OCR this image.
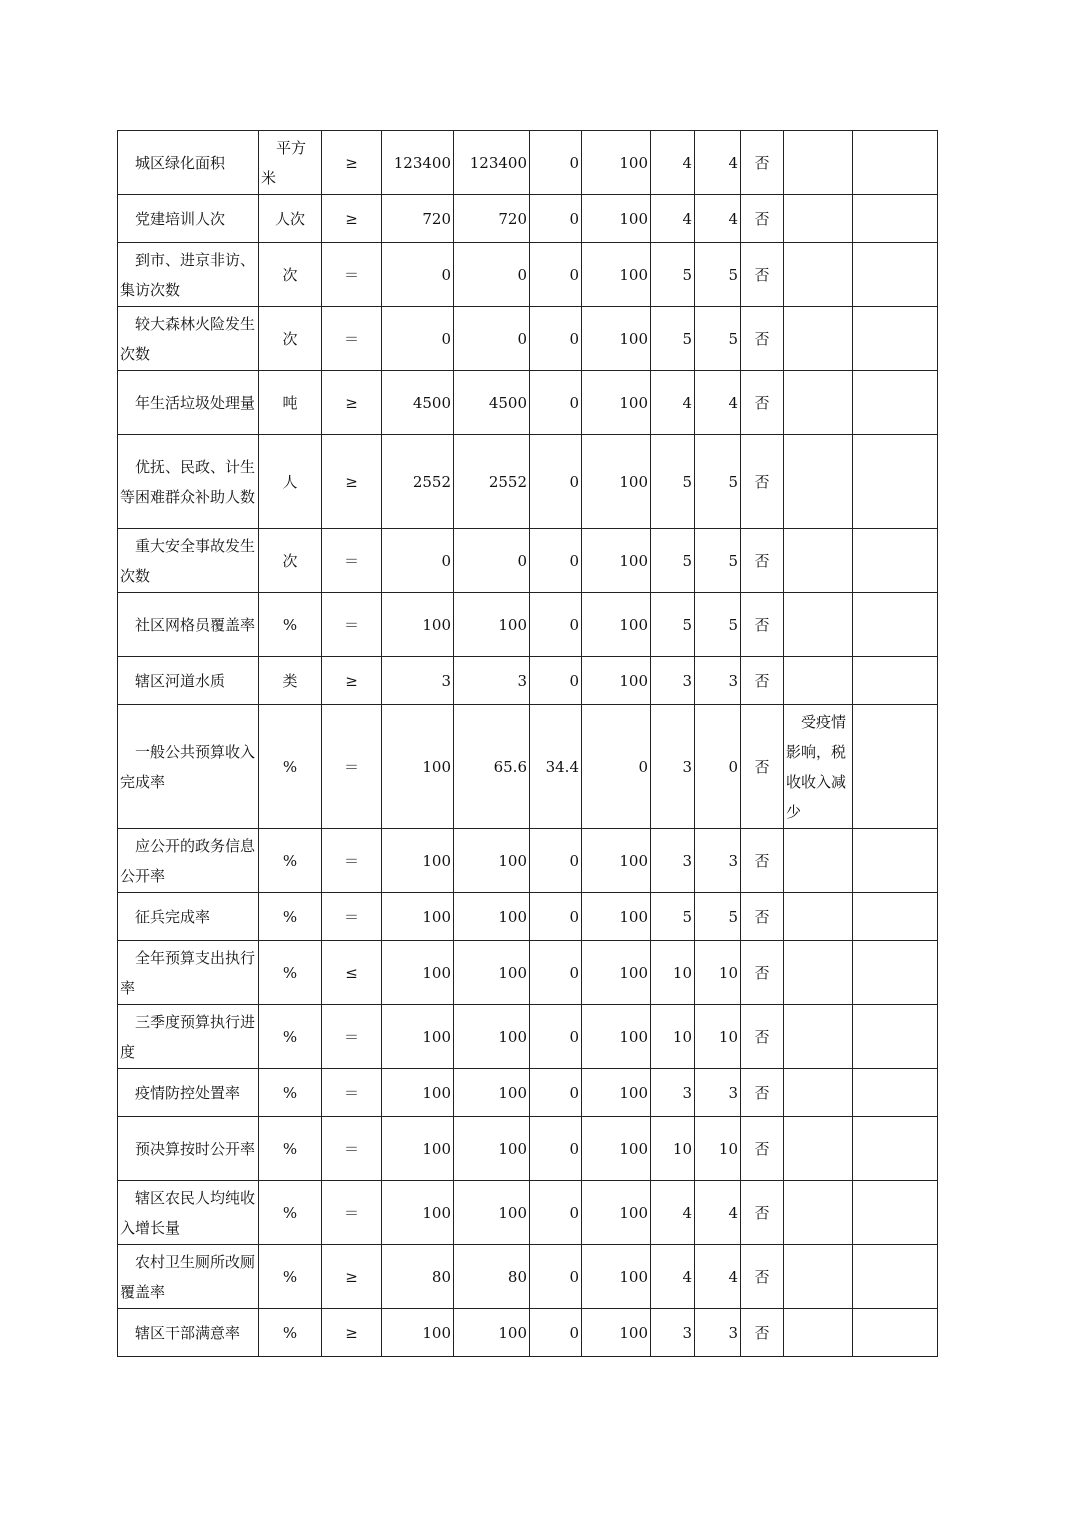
城区绿化面积	平方米	≥	123400	123400	0	100	4	4	否		
党建培训人次	人次	≥	720	720	0	100	4	4	否		
到市、进京非访、集访次数	次	＝	0	0	0	100	5	5	否		
较大森林火险发生次数	次	＝	0	0	0	100	5	5	否		
年生活垃圾处理量	吨	≥	4500	4500	0	100	4	4	否		
优抚、民政、计生等困难群众补助人数	人	≥	2552	2552	0	100	5	5	否		
重大安全事故发生次数	次	＝	0	0	0	100	5	5	否		
社区网格员覆盖率	%	＝	100	100	0	100	5	5	否		
辖区河道水质	类	≥	3	3	0	100	3	3	否		
一般公共预算收入完成率	%	＝	100	65.6	34.4	0	3	0	否	受疫情影响，税收收入减少	
应公开的政务信息公开率	%	＝	100	100	0	100	3	3	否		
征兵完成率	%	＝	100	100	0	100	5	5	否		
全年预算支出执行率	%	≤	100	100	0	100	10	10	否		
三季度预算执行进度	%	＝	100	100	0	100	10	10	否		
疫情防控处置率	%	＝	100	100	0	100	3	3	否		
预决算按时公开率	%	＝	100	100	0	100	10	10	否		
辖区农民人均纯收入增长量	%	＝	100	100	0	100	4	4	否		
农村卫生厕所改厕覆盖率	%	≥	80	80	0	100	4	4	否		
辖区干部满意率	%	≥	100	100	0	100	3	3	否		
